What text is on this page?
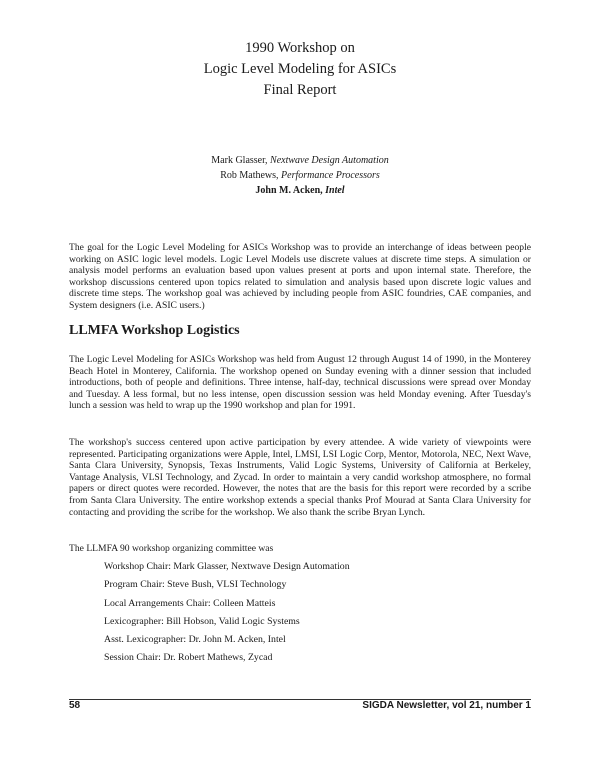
1990 Workshop on
Logic Level Modeling for ASICs
Final Report
Mark Glasser, Nextwave Design Automation
Rob Mathews, Performance Processors
John M. Acken, Intel

The goal for the Logic Level Modeling for ASICs Workshop was to provide an interchange of ideas between people working on ASIC logic level models. Logic Level Models use discrete values at discrete time steps. A simulation or analysis model performs an evaluation based upon values present at ports and upon internal state. Therefore, the workshop discussions centered upon topics related to simulation and analysis based upon discrete logic values and discrete time steps. The workshop goal was achieved by including people from ASIC foundries, CAE companies, and System designers (i.e. ASIC users.)

LLMFA Workshop Logistics

The Logic Level Modeling for ASICs Workshop was held from August 12 through August 14 of 1990, in the Monterey Beach Hotel in Monterey, California. The workshop opened on Sunday evening with a dinner session that included introductions, both of people and definitions. Three intense, half-day, technical discussions were spread over Monday and Tuesday. A less formal, but no less intense, open discussion session was held Monday evening. After Tuesday's lunch a session was held to wrap up the 1990 workshop and plan for 1991.

The workshop's success centered upon active participation by every attendee. A wide variety of viewpoints were represented. Participating organizations were Apple, Intel, LMSI, LSI Logic Corp, Mentor, Motorola, NEC, Next Wave, Santa Clara University, Synopsis, Texas Instruments, Valid Logic Systems, University of California at Berkeley, Vantage Analysis, VLSI Technology, and Zycad. In order to maintain a very candid workshop atmosphere, no formal papers or direct quotes were recorded. However, the notes that are the basis for this report were recorded by a scribe from Santa Clara University. The entire workshop extends a special thanks Prof Mourad at Santa Clara University for contacting and providing the scribe for the workshop. We also thank the scribe Bryan Lynch.

The LLMFA 90 workshop organizing committee was

Workshop Chair: Mark Glasser, Nextwave Design Automation
Program Chair: Steve Bush, VLSI Technology
Local Arrangements Chair: Colleen Matteis
Lexicographer: Bill Hobson, Valid Logic Systems
Asst. Lexicographer: Dr. John M. Acken, Intel
Session Chair: Dr. Robert Mathews, Zycad
58	SIGDA Newsletter, vol 21, number 1
